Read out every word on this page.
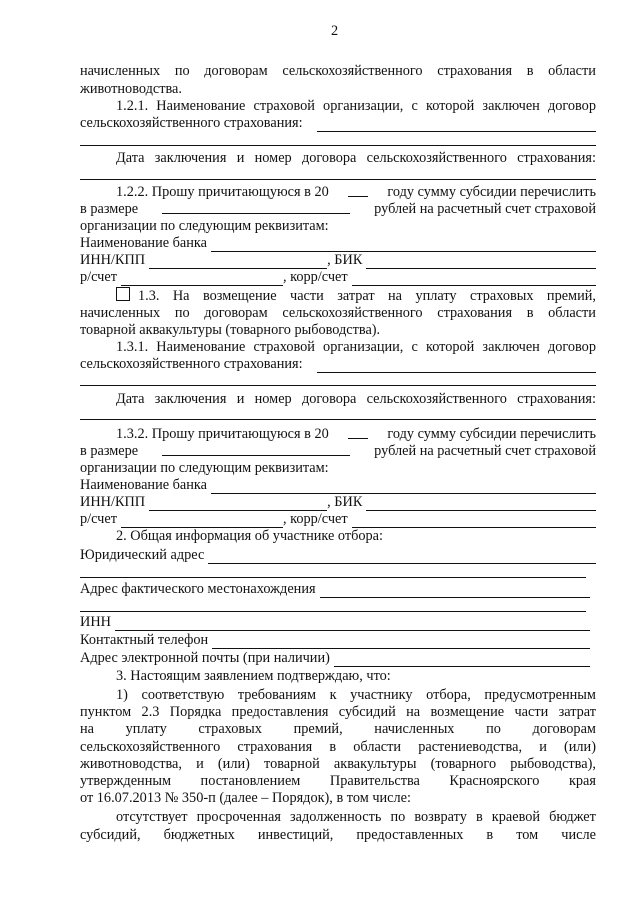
2
начисленных по договорам сельскохозяйственного страхования в области
животноводства.
1.2.1. Наименование страховой организации, с которой заключен договор
сельскохозяйственного страхования:
Дата заключения и номер договора сельскохозяйственного страхования:
1.2.2. Прошу причитающуюся в 20	году сумму субсидии перечислить
в размере	рублей на расчетный счет страховой
организации по следующим реквизитам:
Наименование банка
ИНН/КПП	, БИК
р/счет	, корр/счет
1.3. На возмещение части затрат на уплату страховых премий,
начисленных по договорам сельскохозяйственного страхования в области
товарной аквакультуры (товарного рыбоводства).
1.3.1. Наименование страховой организации, с которой заключен договор
сельскохозяйственного страхования:
Дата заключения и номер договора сельскохозяйственного страхования:
1.3.2. Прошу причитающуюся в 20	году сумму субсидии перечислить
в размере	рублей на расчетный счет страховой
организации по следующим реквизитам:
Наименование банка
ИНН/КПП	, БИК
р/счет	, корр/счет
2. Общая информация об участнике отбора:
Юридический адрес
Адрес фактического местонахождения
ИНН
Контактный телефон
Адрес электронной почты (при наличии)
3. Настоящим заявлением подтверждаю, что:
1) соответствую требованиям к участнику отбора, предусмотренным
пунктом 2.3 Порядка предоставления субсидий на возмещение части затрат
на уплату страховых премий, начисленных по договорам
сельскохозяйственного страхования в области растениеводства, и (или)
животноводства, и (или) товарной аквакультуры (товарного рыбоводства),
утвержденным постановлением Правительства Красноярского края
от 16.07.2013 № 350-п (далее – Порядок), в том числе:
отсутствует просроченная задолженность по возврату в краевой бюджет
субсидий, бюджетных инвестиций, предоставленных в том числе
